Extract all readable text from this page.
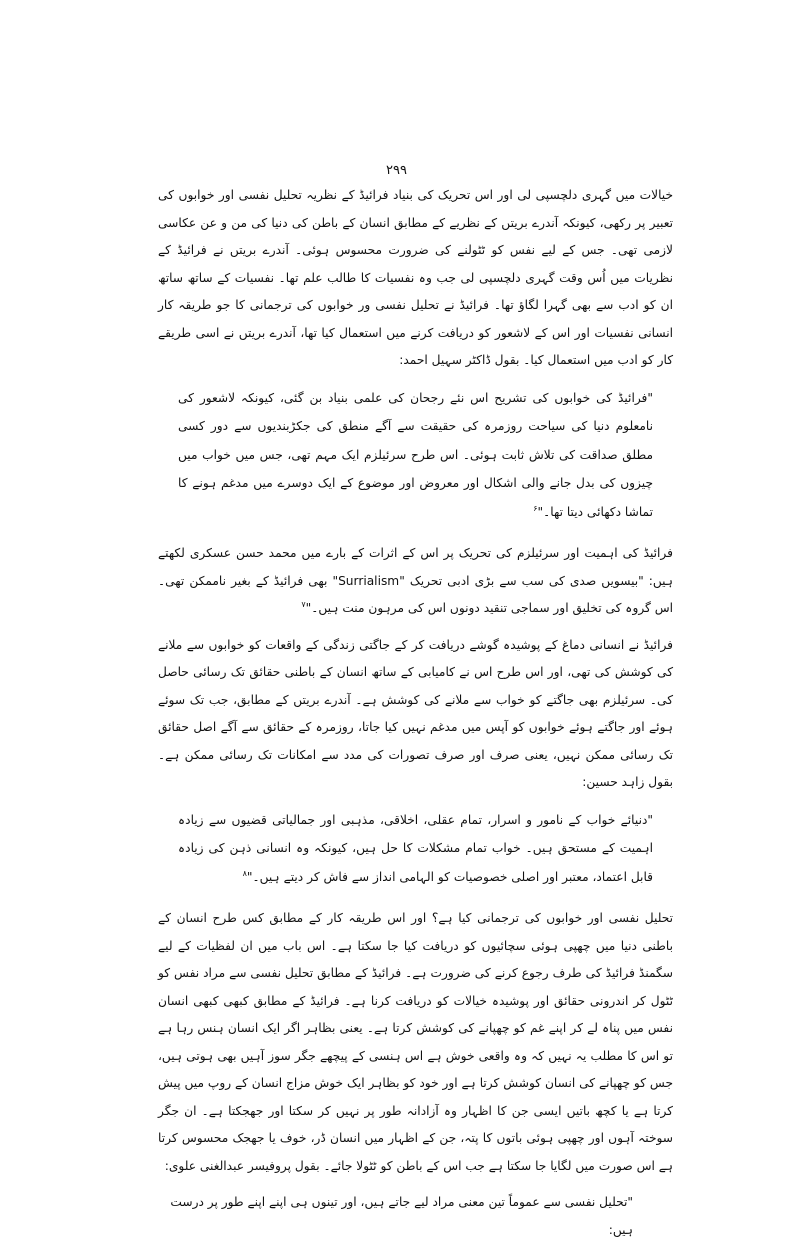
۲۹۹

خیالات میں گہری دلچسپی لی اور اس تحریک کی بنیاد فرائیڈ کے نظریہ تحلیل نفسی اور خوابوں کی تعبیر پر رکھی، کیونکہ آندرے بریتں کے نظریے کے مطابق انسان کے باطن کی دنیا کی من و عن عکاسی لازمی تھی۔ جس کے لیے نفس کو ٹٹولنے کی ضرورت محسوس ہوئی۔ آندرے بریتں نے فرائیڈ کے نظریات میں اُس وقت گہری دلچسپی لی جب وہ نفسیات کا طالب علم تھا۔ نفسیات کے ساتھ ساتھ ان کو ادب سے بھی گہرا لگاؤ تھا۔ فرائیڈ نے تحلیل نفسی ور خوابوں کی ترجمانی کا جو طریقہ کار انسانی نفسیات اور اس کے لاشعور کو دریافت کرنے میں استعمال کیا تھا، آندرے بریتں نے اسی طریقے کار کو ادب میں استعمال کیا۔ بقول ڈاکٹر سہیل احمد:

"فرائیڈ کی خوابوں کی تشریح اس نئے رجحان کی علمی بنیاد بن گئی، کیونکہ لاشعور کی نامعلوم دنیا کی سیاحت روزمرہ کی حقیقت سے آگے منطق کی جکڑبندیوں سے دور کسی مطلق صداقت کی تلاش ثابت ہوئی۔ اس طرح سرئیلزم ایک مہم تھی، جس میں خواب میں چیزوں کی بدل جانے والی اشکال اور معروض اور موضوع کے ایک دوسرے میں مدغم ہونے کا تماشا دکھائی دیتا تھا۔"$^۶$

فرائیڈ کی اہمیت اور سرئیلزم کی تحریک پر اس کے اثرات کے بارے میں محمد حسن عسکری لکھتے ہیں: "بیسویں صدی کی سب سے بڑی ادبی تحریک "Surrialism" بھی فرائیڈ کے بغیر ناممکن تھی۔ اس گروہ کی تخلیق اور سماجی تنقید دونوں اس کی مرہون منت ہیں۔"$^۷$

فرائیڈ نے انسانی دماغ کے پوشیدہ گوشے دریافت کر کے جاگتی زندگی کے واقعات کو خوابوں سے ملانے کی کوشش کی تھی، اور اس طرح اس نے کامیابی کے ساتھ انسان کے باطنی حقائق تک رسائی حاصل کی۔ سرئیلزم بھی جاگتے کو خواب سے ملانے کی کوشش ہے۔ آندرے بریتں کے مطابق، جب تک سوئے ہوئے اور جاگتے ہوئے خوابوں کو آپس میں مدغم نہیں کیا جاتا، روزمرہ کے حقائق سے آگے اصل حقائق تک رسائی ممکن نہیں، یعنی صرف اور صرف تصورات کی مدد سے امکانات تک رسائی ممکن ہے۔ بقول زاہد حسین:

"دنیائے خواب کے نامور و اسرار، تمام عقلی، اخلاقی، مذہبی اور جمالیاتی قضیوں سے زیادہ اہمیت کے مستحق ہیں۔ خواب تمام مشکلات کا حل ہیں، کیونکہ وہ انسانی ذہن کی زیادہ قابل اعتماد، معتبر اور اصلی خصوصیات کو الہامی انداز سے فاش کر دیتے ہیں۔"$^۸$

تحلیل نفسی اور خوابوں کی ترجمانی کیا ہے؟ اور اس طریقہ کار کے مطابق کس طرح انسان کے باطنی دنیا میں چھپی ہوئی سچائیوں کو دریافت کیا جا سکتا ہے۔ اس باب میں ان لفظیات کے لیے سگمنڈ فرائیڈ کی طرف رجوع کرنے کی ضرورت ہے۔ فرائیڈ کے مطابق تحلیل نفسی سے مراد نفس کو ٹٹول کر اندرونی حقائق اور پوشیدہ خیالات کو دریافت کرنا ہے۔ فرائیڈ کے مطابق کبھی کبھی انسان نفس میں پناہ لے کر اپنے غم کو چھپانے کی کوشش کرتا ہے۔ یعنی بظاہر اگر ایک انسان ہنس رہا ہے تو اس کا مطلب یہ نہیں کہ وہ واقعی خوش ہے اس ہنسی کے پیچھے جگر سوز آہیں بھی ہوتی ہیں، جس کو چھپانے کی انسان کوشش کرتا ہے اور خود کو بظاہر ایک خوش مزاج انسان کے روپ میں پیش کرتا ہے یا کچھ باتیں ایسی جن کا اظہار وہ آزادانہ طور پر نہیں کر سکتا اور جھجکتا ہے۔ ان جگر سوختہ آہوں اور چھپی ہوئی باتوں کا پتہ، جن کے اظہار میں انسان ڈر، خوف یا جھجک محسوس کرتا ہے اس صورت میں لگایا جا سکتا ہے جب اس کے باطن کو ٹٹولا جائے۔ بقول پروفیسر عبدالغنی علوی:

"تحلیل نفسی سے عموماً تین معنی مراد لیے جاتے ہیں، اور تینوں ہی اپنے اپنے طور پر درست ہیں:
